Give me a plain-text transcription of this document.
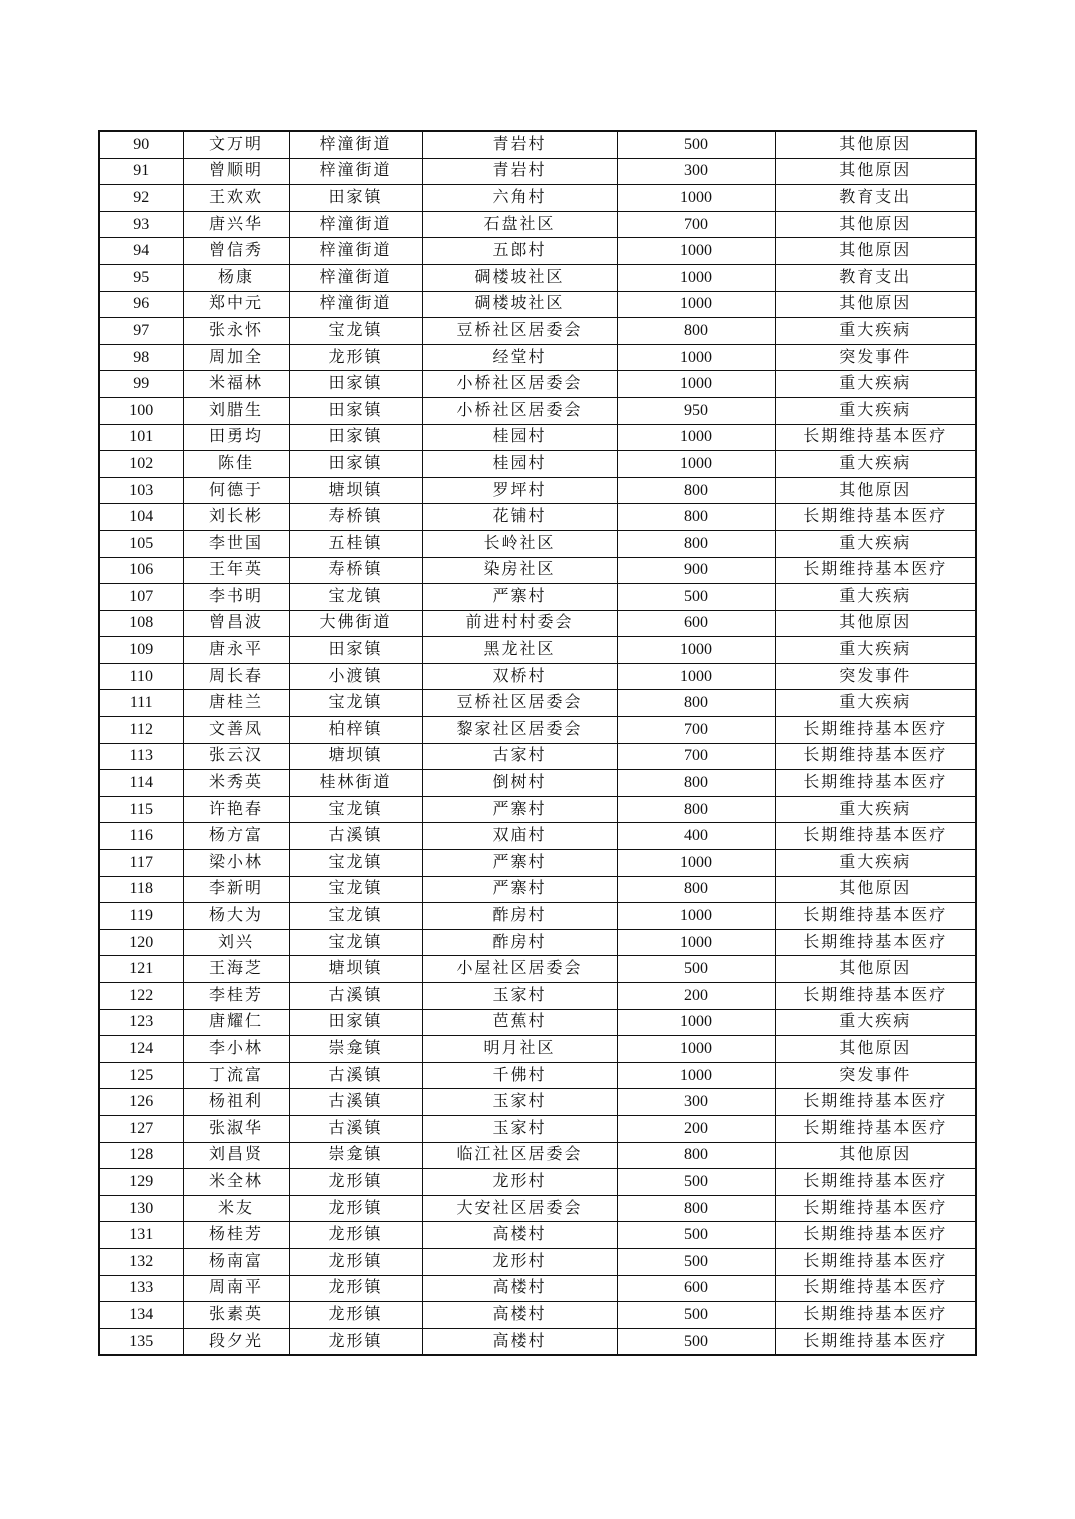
90	文万明	梓潼街道	青岩村	500	其他原因
91	曾顺明	梓潼街道	青岩村	300	其他原因
92	王欢欢	田家镇	六角村	1000	教育支出
93	唐兴华	梓潼街道	石盘社区	700	其他原因
94	曾信秀	梓潼街道	五郎村	1000	其他原因
95	杨康	梓潼街道	碉楼坡社区	1000	教育支出
96	郑中元	梓潼街道	碉楼坡社区	1000	其他原因
97	张永怀	宝龙镇	豆桥社区居委会	800	重大疾病
98	周加全	龙形镇	经堂村	1000	突发事件
99	米福林	田家镇	小桥社区居委会	1000	重大疾病
100	刘腊生	田家镇	小桥社区居委会	950	重大疾病
101	田勇均	田家镇	桂园村	1000	长期维持基本医疗
102	陈佳	田家镇	桂园村	1000	重大疾病
103	何德于	塘坝镇	罗坪村	800	其他原因
104	刘长彬	寿桥镇	花铺村	800	长期维持基本医疗
105	李世国	五桂镇	长岭社区	800	重大疾病
106	王年英	寿桥镇	染房社区	900	长期维持基本医疗
107	李书明	宝龙镇	严寨村	500	重大疾病
108	曾昌波	大佛街道	前进村村委会	600	其他原因
109	唐永平	田家镇	黑龙社区	1000	重大疾病
110	周长春	小渡镇	双桥村	1000	突发事件
111	唐桂兰	宝龙镇	豆桥社区居委会	800	重大疾病
112	文善凤	柏梓镇	黎家社区居委会	700	长期维持基本医疗
113	张云汉	塘坝镇	古家村	700	长期维持基本医疗
114	米秀英	桂林街道	倒树村	800	长期维持基本医疗
115	许艳春	宝龙镇	严寨村	800	重大疾病
116	杨方富	古溪镇	双庙村	400	长期维持基本医疗
117	梁小林	宝龙镇	严寨村	1000	重大疾病
118	李新明	宝龙镇	严寨村	800	其他原因
119	杨大为	宝龙镇	酢房村	1000	长期维持基本医疗
120	刘兴	宝龙镇	酢房村	1000	长期维持基本医疗
121	王海芝	塘坝镇	小屋社区居委会	500	其他原因
122	李桂芳	古溪镇	玉家村	200	长期维持基本医疗
123	唐耀仁	田家镇	芭蕉村	1000	重大疾病
124	李小林	崇龛镇	明月社区	1000	其他原因
125	丁流富	古溪镇	千佛村	1000	突发事件
126	杨祖利	古溪镇	玉家村	300	长期维持基本医疗
127	张淑华	古溪镇	玉家村	200	长期维持基本医疗
128	刘昌贤	崇龛镇	临江社区居委会	800	其他原因
129	米全林	龙形镇	龙形村	500	长期维持基本医疗
130	米友	龙形镇	大安社区居委会	800	长期维持基本医疗
131	杨桂芳	龙形镇	高楼村	500	长期维持基本医疗
132	杨南富	龙形镇	龙形村	500	长期维持基本医疗
133	周南平	龙形镇	高楼村	600	长期维持基本医疗
134	张素英	龙形镇	高楼村	500	长期维持基本医疗
135	段夕光	龙形镇	高楼村	500	长期维持基本医疗
